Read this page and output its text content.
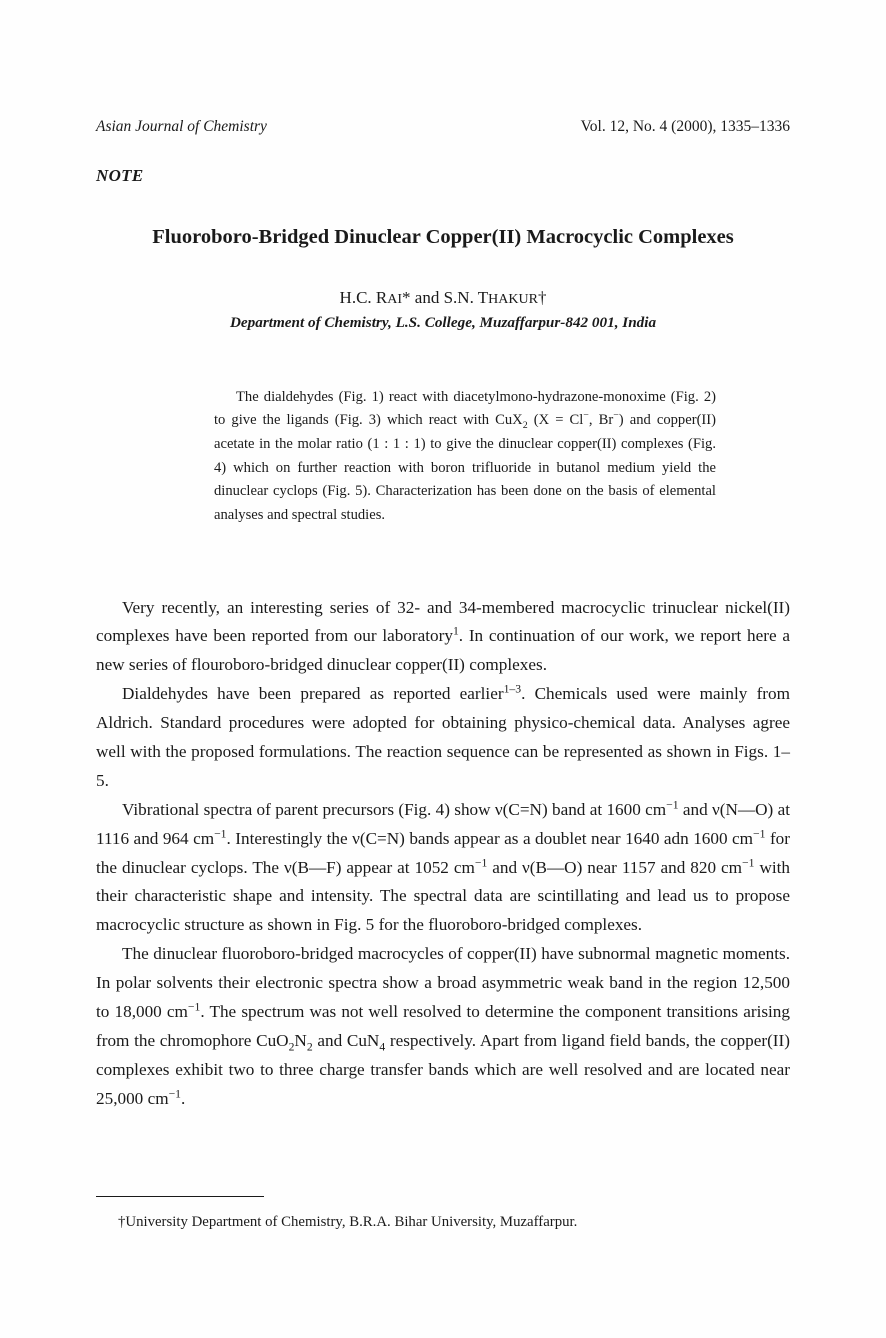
Asian Journal of Chemistry	Vol. 12, No. 4 (2000), 1335–1336
NOTE
Fluoroboro-Bridged Dinuclear Copper(II) Macrocyclic Complexes
H.C. RAI* and S.N. THAKUR†
Department of Chemistry, L.S. College, Muzaffarpur-842 001, India
The dialdehydes (Fig. 1) react with diacetylmono-hydrazone-monoxime (Fig. 2) to give the ligands (Fig. 3) which react with CuX$_2$ (X = Cl−, Br−) and copper(II) acetate in the molar ratio (1 : 1 : 1) to give the dinuclear copper(II) complexes (Fig. 4) which on further reaction with boron trifluoride in butanol medium yield the dinuclear cyclops (Fig. 5). Characterization has been done on the basis of elemental analyses and spectral studies.

Very recently, an interesting series of 32- and 34-membered macrocyclic trinuclear nickel(II) complexes have been reported from our laboratory$^1$. In continuation of our work, we report here a new series of flouroboro-bridged dinuclear copper(II) complexes.

Dialdehydes have been prepared as reported earlier$^{1-3}$. Chemicals used were mainly from Aldrich. Standard procedures were adopted for obtaining physico-chemical data. Analyses agree well with the proposed formulations. The reaction sequence can be represented as shown in Figs. 1–5.

Vibrational spectra of parent precursors (Fig. 4) show ν(C=N) band at 1600 $cm^{-1}$ and ν(N—O) at 1116 and 964 $cm^{-1}$. Interestingly the ν(C=N) bands appear as a doublet near 1640 adn 1600 $cm^{-1}$ for the dinuclear cyclops. The ν(B—F) appear at 1052 $cm^{-1}$ and ν(B—O) near 1157 and 820 $cm^{-1}$ with their characteristic shape and intensity. The spectral data are scintillating and lead us to propose macrocyclic structure as shown in Fig. 5 for the fluoroboro-bridged complexes.

The dinuclear fluoroboro-bridged macrocycles of copper(II) have subnormal magnetic moments. In polar solvents their electronic spectra show a broad asymmetric weak band in the region 12,500 to 18,000 $cm^{-1}$. The spectrum was not well resolved to determine the component transitions arising from the chromophore $CuO_2N_2$ and CuN$_4$ respectively. Apart from ligand field bands, the copper(II) complexes exhibit two to three charge transfer bands which are well resolved and are located near 25,000 $cm^{-1}$.

†University Department of Chemistry, B.R.A. Bihar University, Muzaffarpur.
